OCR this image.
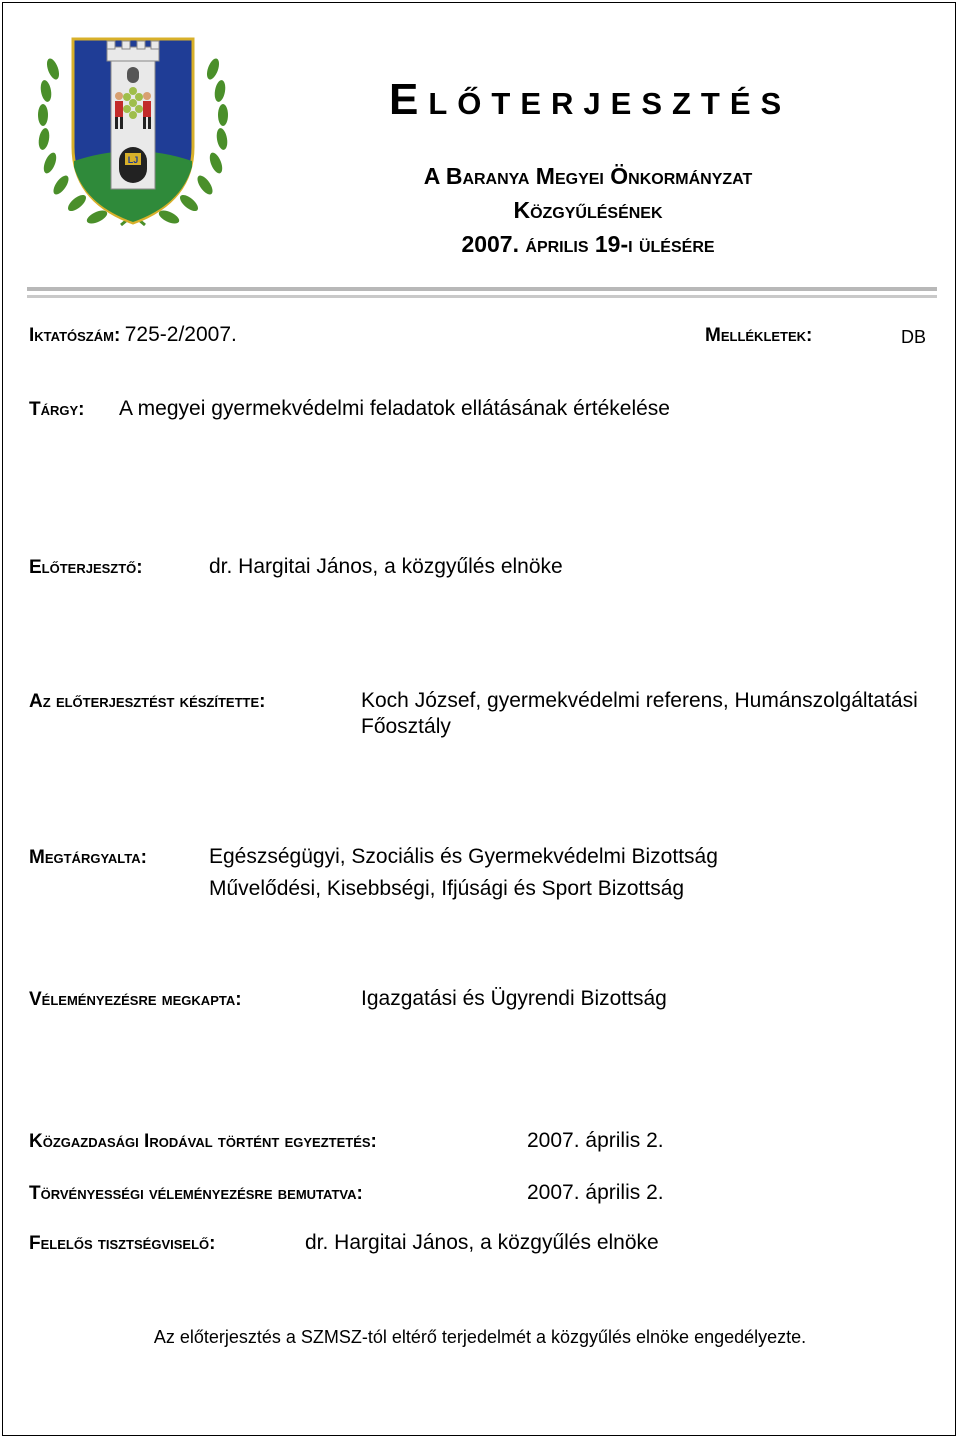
LJ
Előterjesztés
A Baranya Megyei Önkormányzat
Közgyűlésének
2007. április 19-i ülésére
Iktatószám: 725-2/2007.	Mellékletek:	DB
Tárgy: A megyei gyermekvédelmi feladatok ellátásának értékelése
Előterjesztő:	dr. Hargitai János, a közgyűlés elnöke
Az előterjesztést készítette:	Koch József, gyermekvédelmi referens, Humánszolgáltatási
Főosztály
Megtárgyalta:	Egészségügyi, Szociális és Gyermekvédelmi Bizottság
Művelődési, Kisebbségi, Ifjúsági és Sport Bizottság
Véleményezésre megkapta:	Igazgatási és Ügyrendi Bizottság
Közgazdasági Irodával történt egyeztetés:	2007. április 2.
Törvényességi véleményezésre bemutatva:	2007. április 2.
Felelős tisztségviselő:	dr. Hargitai János, a közgyűlés elnöke
Az előterjesztés a SZMSZ-tól eltérő terjedelmét a közgyűlés elnöke engedélyezte.
